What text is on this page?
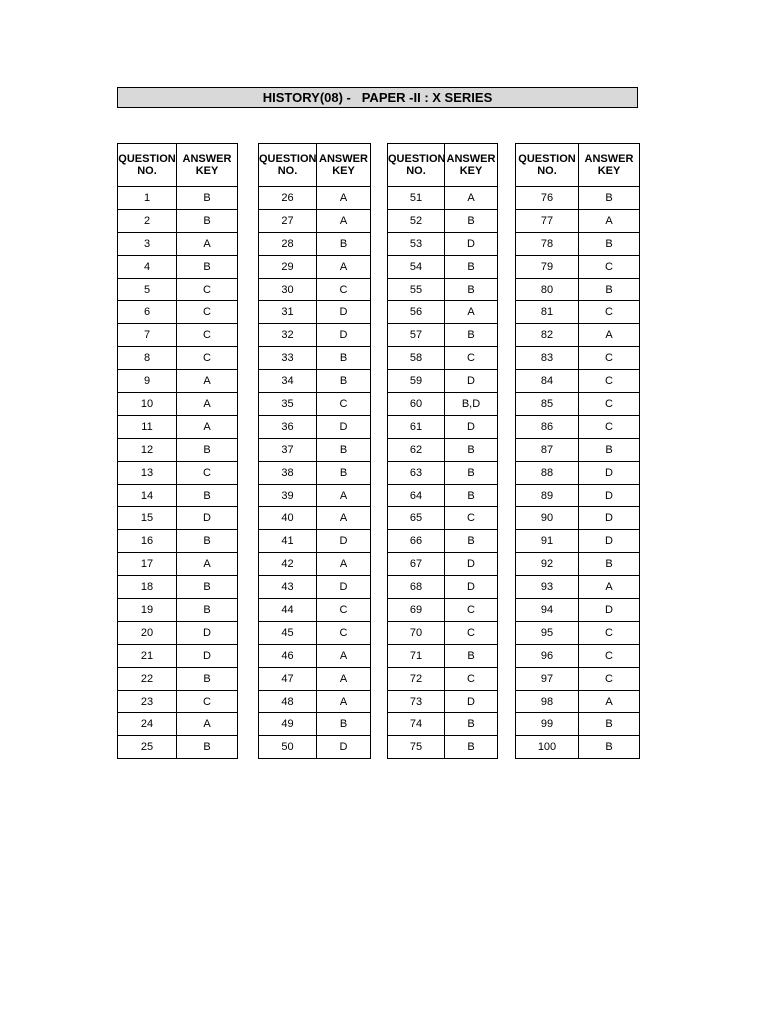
HISTORY(08) -   PAPER -II : X SERIES
QUESTION
NO.	ANSWER
KEY
1	B
2	B
3	A
4	B
5	C
6	C
7	C
8	C
9	A
10	A
11	A
12	B
13	C
14	B
15	D
16	B
17	A
18	B
19	B
20	D
21	D
22	B
23	C
24	A
25	B
QUESTION
NO.	ANSWER
KEY
26	A
27	A
28	B
29	A
30	C
31	D
32	D
33	B
34	B
35	C
36	D
37	B
38	B
39	A
40	A
41	D
42	A
43	D
44	C
45	C
46	A
47	A
48	A
49	B
50	D
QUESTION
NO.	ANSWER
KEY
51	A
52	B
53	D
54	B
55	B
56	A
57	B
58	C
59	D
60	B,D
61	D
62	B
63	B
64	B
65	C
66	B
67	D
68	D
69	C
70	C
71	B
72	C
73	D
74	B
75	B
QUESTION
NO.	ANSWER
KEY
76	B
77	A
78	B
79	C
80	B
81	C
82	A
83	C
84	C
85	C
86	C
87	B
88	D
89	D
90	D
91	D
92	B
93	A
94	D
95	C
96	C
97	C
98	A
99	B
100	B
